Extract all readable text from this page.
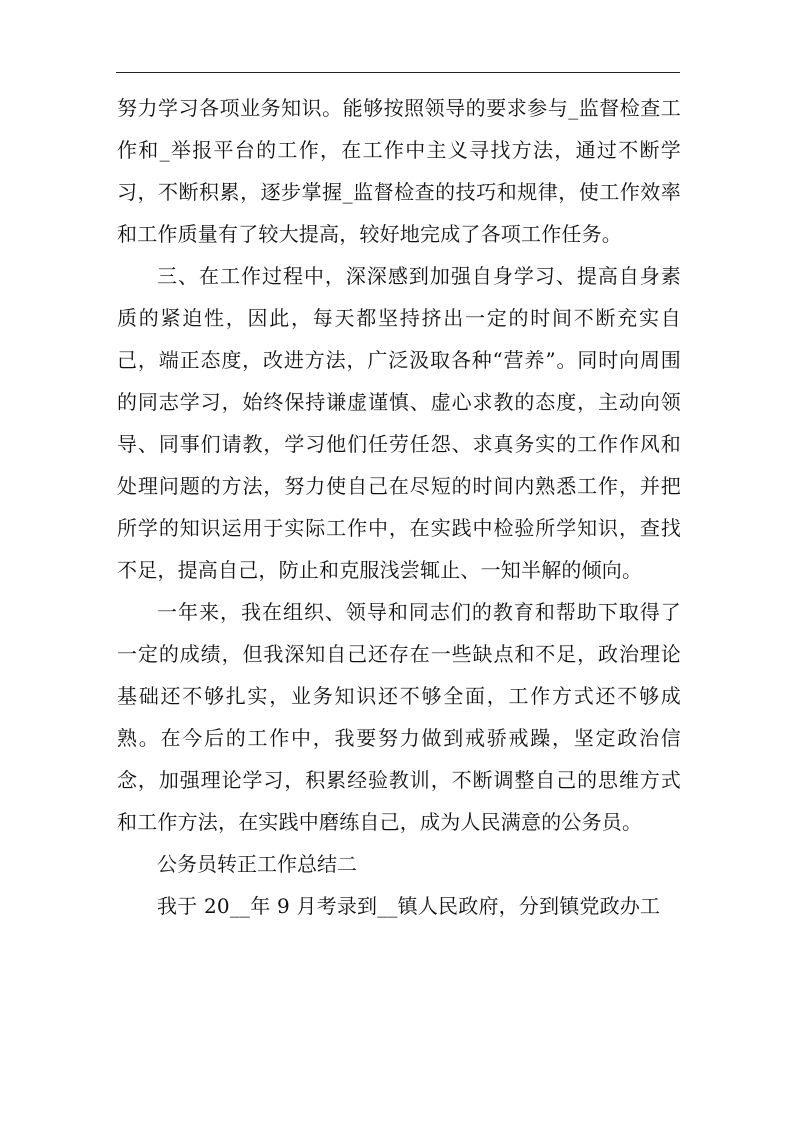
努力学习各项业务知识。能够按照领导的要求参与_监督检查工作和_举报平台的工作，在工作中主义寻找方法，通过不断学习，不断积累，逐步掌握_监督检查的技巧和规律，使工作效率和工作质量有了较大提高，较好地完成了各项工作任务。

三、在工作过程中，深深感到加强自身学习、提高自身素质的紧迫性，因此，每天都坚持挤出一定的时间不断充实自己，端正态度，改进方法，广泛汲取各种“营养”。同时向周围的同志学习，始终保持谦虚谨慎、虚心求教的态度，主动向领导、同事们请教，学习他们任劳任怨、求真务实的工作作风和处理问题的方法，努力使自己在尽短的时间内熟悉工作，并把所学的知识运用于实际工作中，在实践中检验所学知识，查找不足，提高自己，防止和克服浅尝辄止、一知半解的倾向。

一年来，我在组织、领导和同志们的教育和帮助下取得了一定的成绩，但我深知自己还存在一些缺点和不足，政治理论基础还不够扎实，业务知识还不够全面，工作方式还不够成熟。在今后的工作中，我要努力做到戒骄戒躁，坚定政治信念，加强理论学习，积累经验教训，不断调整自己的思维方式和工作方法，在实践中磨练自己，成为人民满意的公务员。

公务员转正工作总结二

我于 20__年 9 月考录到__镇人民政府，分到镇党政办工
